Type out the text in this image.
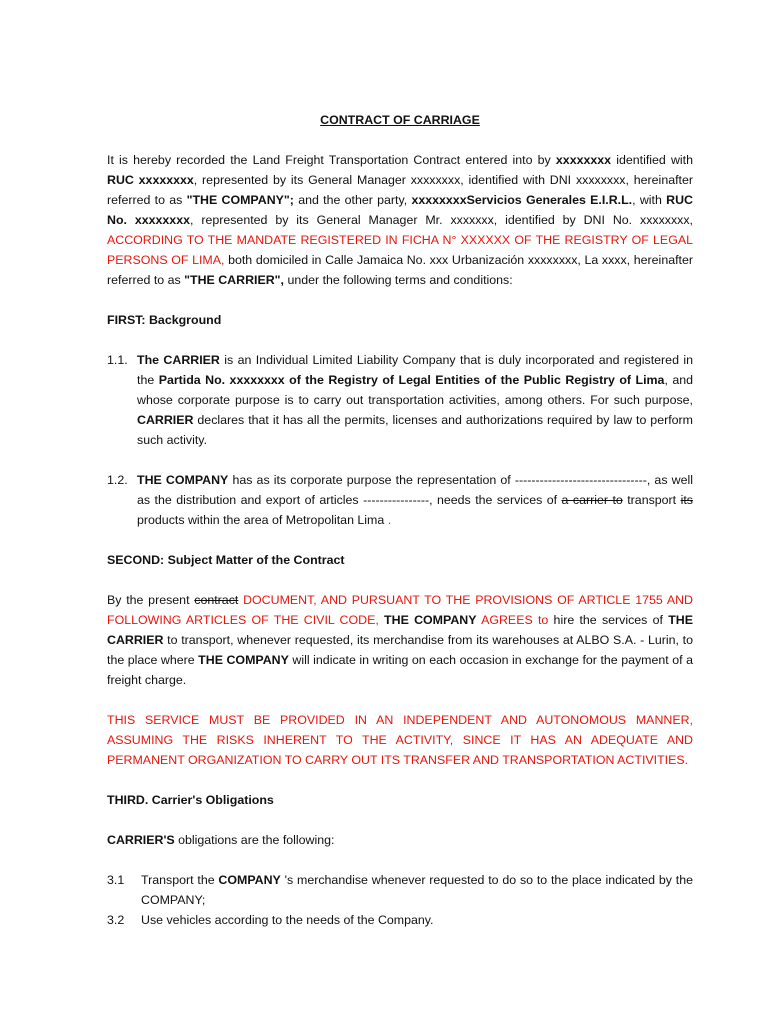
CONTRACT OF CARRIAGE
It is hereby recorded the Land Freight Transportation Contract entered into by xxxxxxxx identified with RUC xxxxxxxx, represented by its General Manager xxxxxxxx, identified with DNI xxxxxxxx, hereinafter referred to as "THE COMPANY"; and the other party, xxxxxxxxServicios Generales E.I.R.L., with RUC No. xxxxxxxx, represented by its General Manager Mr. xxxxxxx, identified by DNI No. xxxxxxxx, ACCORDING TO THE MANDATE REGISTERED IN FICHA N° XXXXXX OF THE REGISTRY OF LEGAL PERSONS OF LIMA, both domiciled in Calle Jamaica No. xxx Urbanización xxxxxxxx, La xxxx, hereinafter referred to as "THE CARRIER", under the following terms and conditions:
FIRST: Background
1.1. The CARRIER is an Individual Limited Liability Company that is duly incorporated and registered in the Partida No. xxxxxxxx of the Registry of Legal Entities of the Public Registry of Lima, and whose corporate purpose is to carry out transportation activities, among others. For such purpose, CARRIER declares that it has all the permits, licenses and authorizations required by law to perform such activity.
1.2. THE COMPANY has as its corporate purpose the representation of --------------------------------, as well as the distribution and export of articles ----------------, needs the services of a carrier to transport its products within the area of Metropolitan Lima .
SECOND: Subject Matter of the Contract
By the present contract DOCUMENT, AND PURSUANT TO THE PROVISIONS OF ARTICLE 1755 AND FOLLOWING ARTICLES OF THE CIVIL CODE, THE COMPANY AGREES to hire the services of THE CARRIER to transport, whenever requested, its merchandise from its warehouses at ALBO S.A. - Lurin, to the place where THE COMPANY will indicate in writing on each occasion in exchange for the payment of a freight charge.
THIS SERVICE MUST BE PROVIDED IN AN INDEPENDENT AND AUTONOMOUS MANNER, ASSUMING THE RISKS INHERENT TO THE ACTIVITY, SINCE IT HAS AN ADEQUATE AND PERMANENT ORGANIZATION TO CARRY OUT ITS TRANSFER AND TRANSPORTATION ACTIVITIES.
THIRD. Carrier's Obligations
CARRIER'S obligations are the following:
3.1	Transport the COMPANY 's merchandise whenever requested to do so to the place indicated by the COMPANY;
3.2	Use vehicles according to the needs of the Company.
